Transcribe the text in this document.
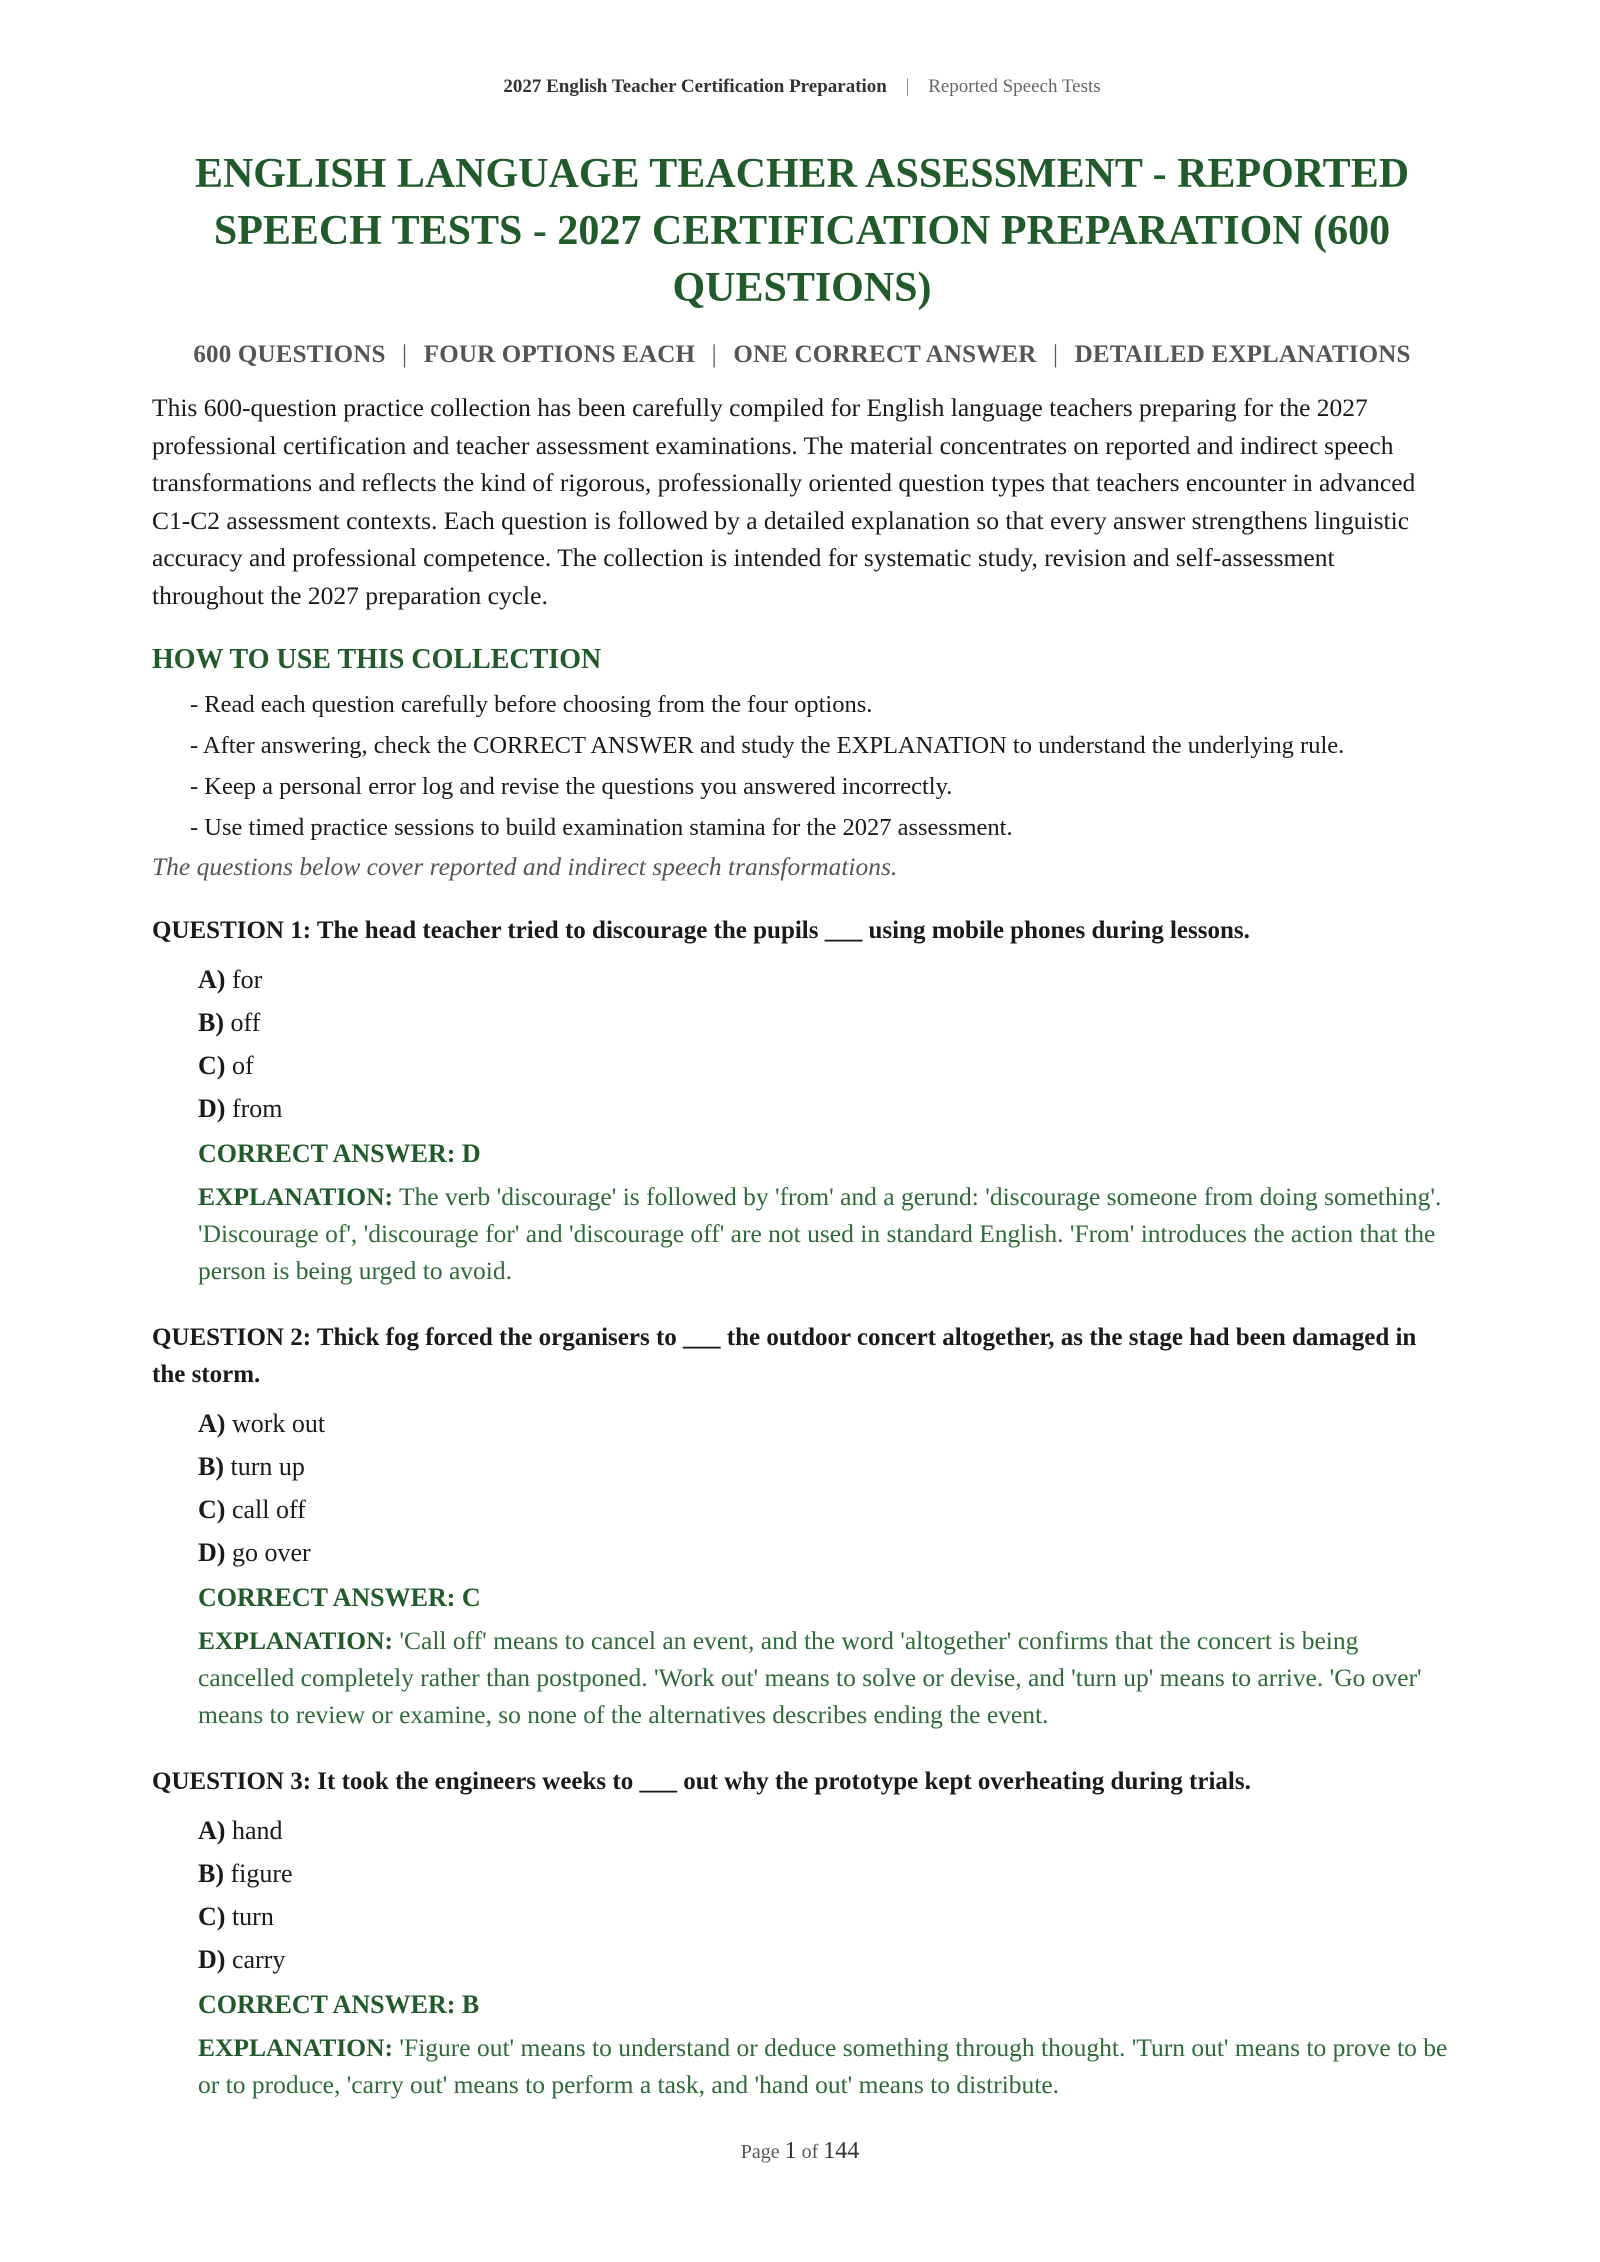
2027 English Teacher Certification Preparation | Reported Speech Tests
ENGLISH LANGUAGE TEACHER ASSESSMENT - REPORTED SPEECH TESTS - 2027 CERTIFICATION PREPARATION (600 QUESTIONS)
600 QUESTIONS | FOUR OPTIONS EACH | ONE CORRECT ANSWER | DETAILED EXPLANATIONS

This 600-question practice collection has been carefully compiled for English language teachers preparing for the 2027 professional certification and teacher assessment examinations. The material concentrates on reported and indirect speech transformations and reflects the kind of rigorous, professionally oriented question types that teachers encounter in advanced C1-C2 assessment contexts. Each question is followed by a detailed explanation so that every answer strengthens linguistic accuracy and professional competence. The collection is intended for systematic study, revision and self-assessment throughout the 2027 preparation cycle.

HOW TO USE THIS COLLECTION
- Read each question carefully before choosing from the four options.
- After answering, check the CORRECT ANSWER and study the EXPLANATION to understand the underlying rule.
- Keep a personal error log and revise the questions you answered incorrectly.
- Use timed practice sessions to build examination stamina for the 2027 assessment.
The questions below cover reported and indirect speech transformations.
QUESTION 1: The head teacher tried to discourage the pupils ___ using mobile phones during lessons.
A) for
B) off
C) of
D) from
CORRECT ANSWER: D
EXPLANATION: The verb 'discourage' is followed by 'from' and a gerund: 'discourage someone from doing something'. 'Discourage of', 'discourage for' and 'discourage off' are not used in standard English. 'From' introduces the action that the person is being urged to avoid.
QUESTION 2: Thick fog forced the organisers to ___ the outdoor concert altogether, as the stage had been damaged in the storm.
A) work out
B) turn up
C) call off
D) go over
CORRECT ANSWER: C
EXPLANATION: 'Call off' means to cancel an event, and the word 'altogether' confirms that the concert is being cancelled completely rather than postponed. 'Work out' means to solve or devise, and 'turn up' means to arrive. 'Go over' means to review or examine, so none of the alternatives describes ending the event.
QUESTION 3: It took the engineers weeks to ___ out why the prototype kept overheating during trials.
A) hand
B) figure
C) turn
D) carry
CORRECT ANSWER: B
EXPLANATION: 'Figure out' means to understand or deduce something through thought. 'Turn out' means to prove to be or to produce, 'carry out' means to perform a task, and 'hand out' means to distribute.
Page 1 of 144
